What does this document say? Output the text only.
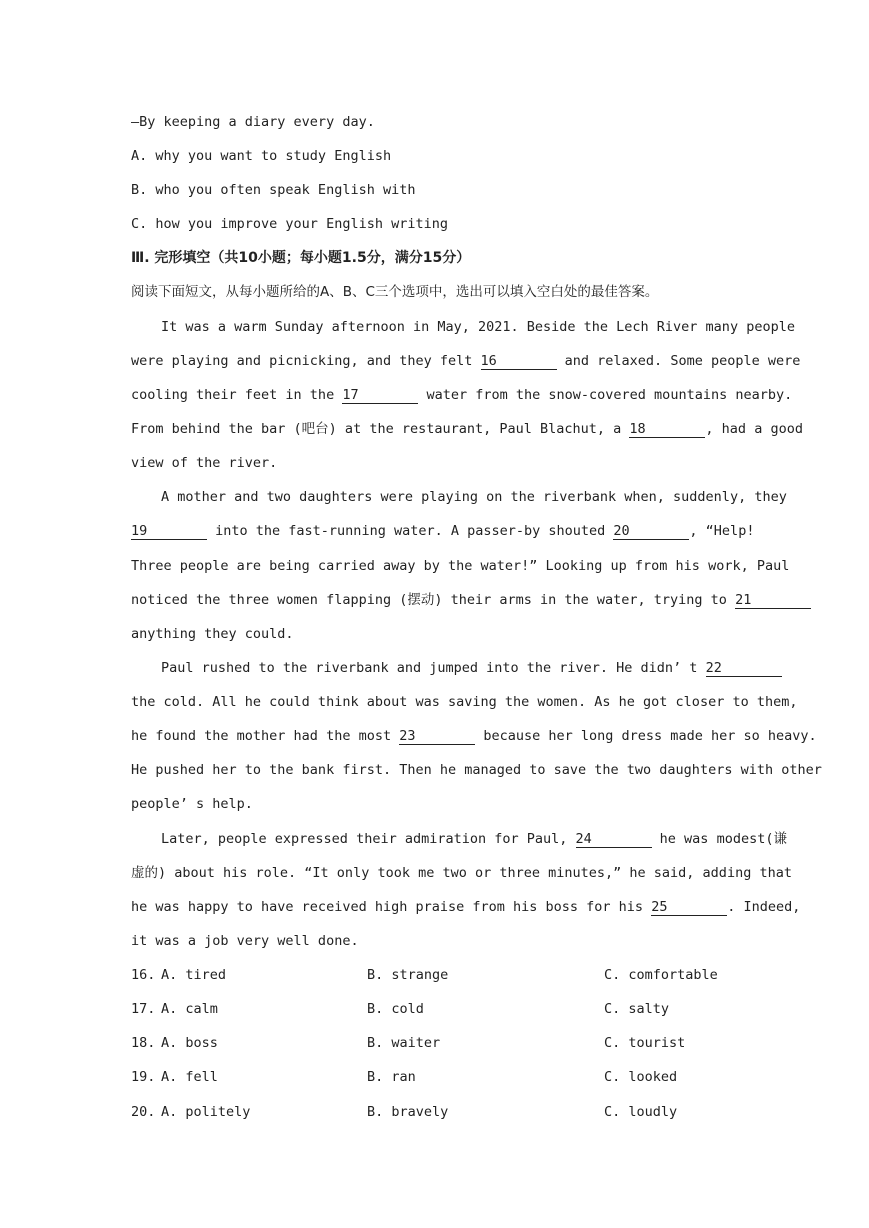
—By keeping a diary every day.
A. why you want to study English
B. who you often speak English with
C. how you improve your English writing
Ⅲ. 完形填空（共10小题；每小题1.5分，满分15分）
阅读下面短文，从每小题所给的A、B、C三个选项中，选出可以填入空白处的最佳答案。
It was a warm Sunday afternoon in May, 2021. Beside the Lech River many people
were playing and picnicking, and they felt 16	and relaxed. Some people were
cooling their feet in the 17	water from the snow-covered mountains nearby.
From behind the bar (吧台) at the restaurant, Paul Blachut, a 18	, had a good
view of the river.
A mother and two daughters were playing on the riverbank when, suddenly, they
19	into the fast-running water. A passer-by shouted 20	, “Help!
Three people are being carried away by the water!” Looking up from his work, Paul
noticed the three women flapping (摆动) their arms in the water, trying to 21
anything they could.
Paul rushed to the riverbank and jumped into the river. He didn’ t 22
the cold. All he could think about was saving the women. As he got closer to them,
he found the mother had the most 23	because her long dress made her so heavy.
He pushed her to the bank first. Then he managed to save the two daughters with other
people’ s help.
Later, people expressed their admiration for Paul, 24	he was modest(谦
虚的) about his role. “It only took me two or three minutes,” he said, adding that
he was happy to have received high praise from his boss for his 25	. Indeed,
it was a job very well done.
16. A. tired	B. strange	C. comfortable
17. A. calm	B. cold	C. salty
18. A. boss	B. waiter	C. tourist
19. A. fell	B. ran	C. looked
20. A. politely	B. bravely	C. loudly
